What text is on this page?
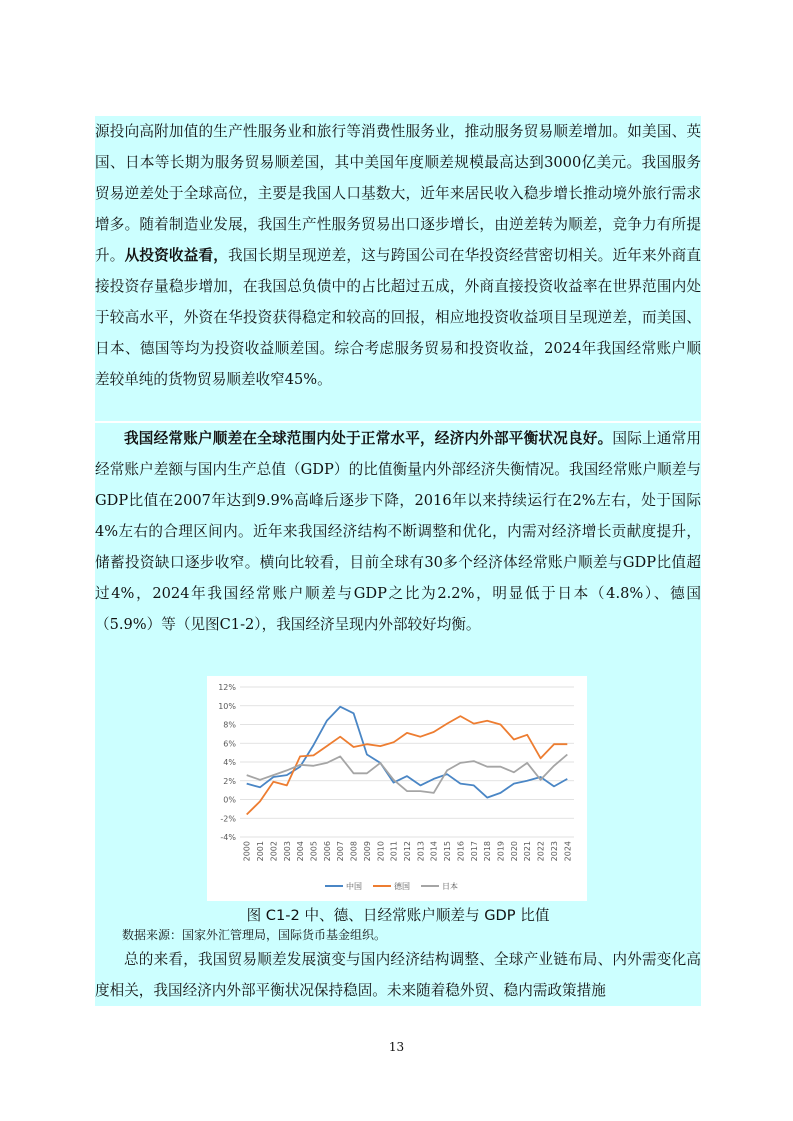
源投向高附加值的生产性服务业和旅行等消费性服务业，推动服务贸易顺差增加。如美国、英国、日本等长期为服务贸易顺差国，其中美国年度顺差规模最高达到3000亿美元。我国服务贸易逆差处于全球高位，主要是我国人口基数大，近年来居民收入稳步增长推动境外旅行需求增多。随着制造业发展，我国生产性服务贸易出口逐步增长，由逆差转为顺差，竞争力有所提升。从投资收益看，我国长期呈现逆差，这与跨国公司在华投资经营密切相关。近年来外商直接投资存量稳步增加，在我国总负债中的占比超过五成，外商直接投资收益率在世界范围内处于较高水平，外资在华投资获得稳定和较高的回报，相应地投资收益项目呈现逆差，而美国、日本、德国等均为投资收益顺差国。综合考虑服务贸易和投资收益，2024年我国经常账户顺差较单纯的货物贸易顺差收窄45%。

我国经常账户顺差在全球范围内处于正常水平，经济内外部平衡状况良好。国际上通常用经常账户差额与国内生产总值（GDP）的比值衡量内外部经济失衡情况。我国经常账户顺差与GDP比值在2007年达到9.9%高峰后逐步下降，2016年以来持续运行在2%左右，处于国际4%左右的合理区间内。近年来我国经济结构不断调整和优化，内需对经济增长贡献度提升，储蓄投资缺口逐步收窄。横向比较看，目前全球有30多个经济体经常账户顺差与GDP比值超过4%，2024年我国经常账户顺差与GDP之比为2.2%，明显低于日本（4.8%）、德国（5.9%）等（见图C1-2），我国经济呈现内外部较好均衡。

-4%
-2%
0%
2%
4%
6%
8%
10%
12%
2000 2001 2002 2003 2004 2005 2006 2007 2008 2009 2010 2011 2012 2013 2014 2015 2016 2017 2018 2019 2020 2021 2022 2023 2024
中国	德国	日本
图 C1-2 中、德、日经常账户顺差与 GDP 比值
数据来源：国家外汇管理局，国际货币基金组织。

总的来看，我国贸易顺差发展演变与国内经济结构调整、全球产业链布局、内外需变化高度相关，我国经济内外部平衡状况保持稳固。未来随着稳外贸、稳内需政策措施

13
